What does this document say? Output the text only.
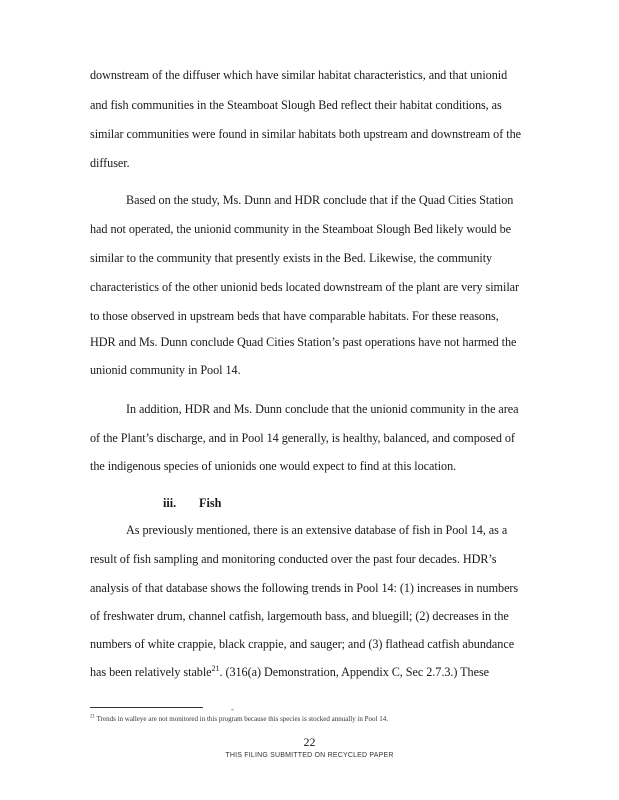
downstream of the diffuser which have similar habitat characteristics, and that unionid
and fish communities in the Steamboat Slough Bed reflect their habitat conditions, as
similar communities were found in similar habitats both upstream and downstream of the
diffuser.
Based on the study, Ms. Dunn and HDR conclude that if the Quad Cities Station
had not operated, the unionid community in the Steamboat Slough Bed likely would be
similar to the community that presently exists in the Bed. Likewise, the community
characteristics of the other unionid beds located downstream of the plant are very similar
to those observed in upstream beds that have comparable habitats. For these reasons,
HDR and Ms. Dunn conclude Quad Cities Station’s past operations have not harmed the
unionid community in Pool 14.
In addition, HDR and Ms. Dunn conclude that the unionid community in the area
of the Plant’s discharge, and in Pool 14 generally, is healthy, balanced, and composed of
the indigenous species of unionids one would expect to find at this location.
iii. Fish
As previously mentioned, there is an extensive database of fish in Pool 14, as a
result of fish sampling and monitoring conducted over the past four decades. HDR’s
analysis of that database shows the following trends in Pool 14: (1) increases in numbers
of freshwater drum, channel catfish, largemouth bass, and bluegill; (2) decreases in the
numbers of white crappie, black crappie, and sauger; and (3) flathead catfish abundance
has been relatively stable$^{21}$. (316(a) Demonstration, Appendix C, Sec 2.7.3.) These
-
$^{21}$ Trends in walleye are not monitored in this program because this species is stocked annually in Pool 14.
22
THIS FILING SUBMITTED ON RECYCLED PAPER
